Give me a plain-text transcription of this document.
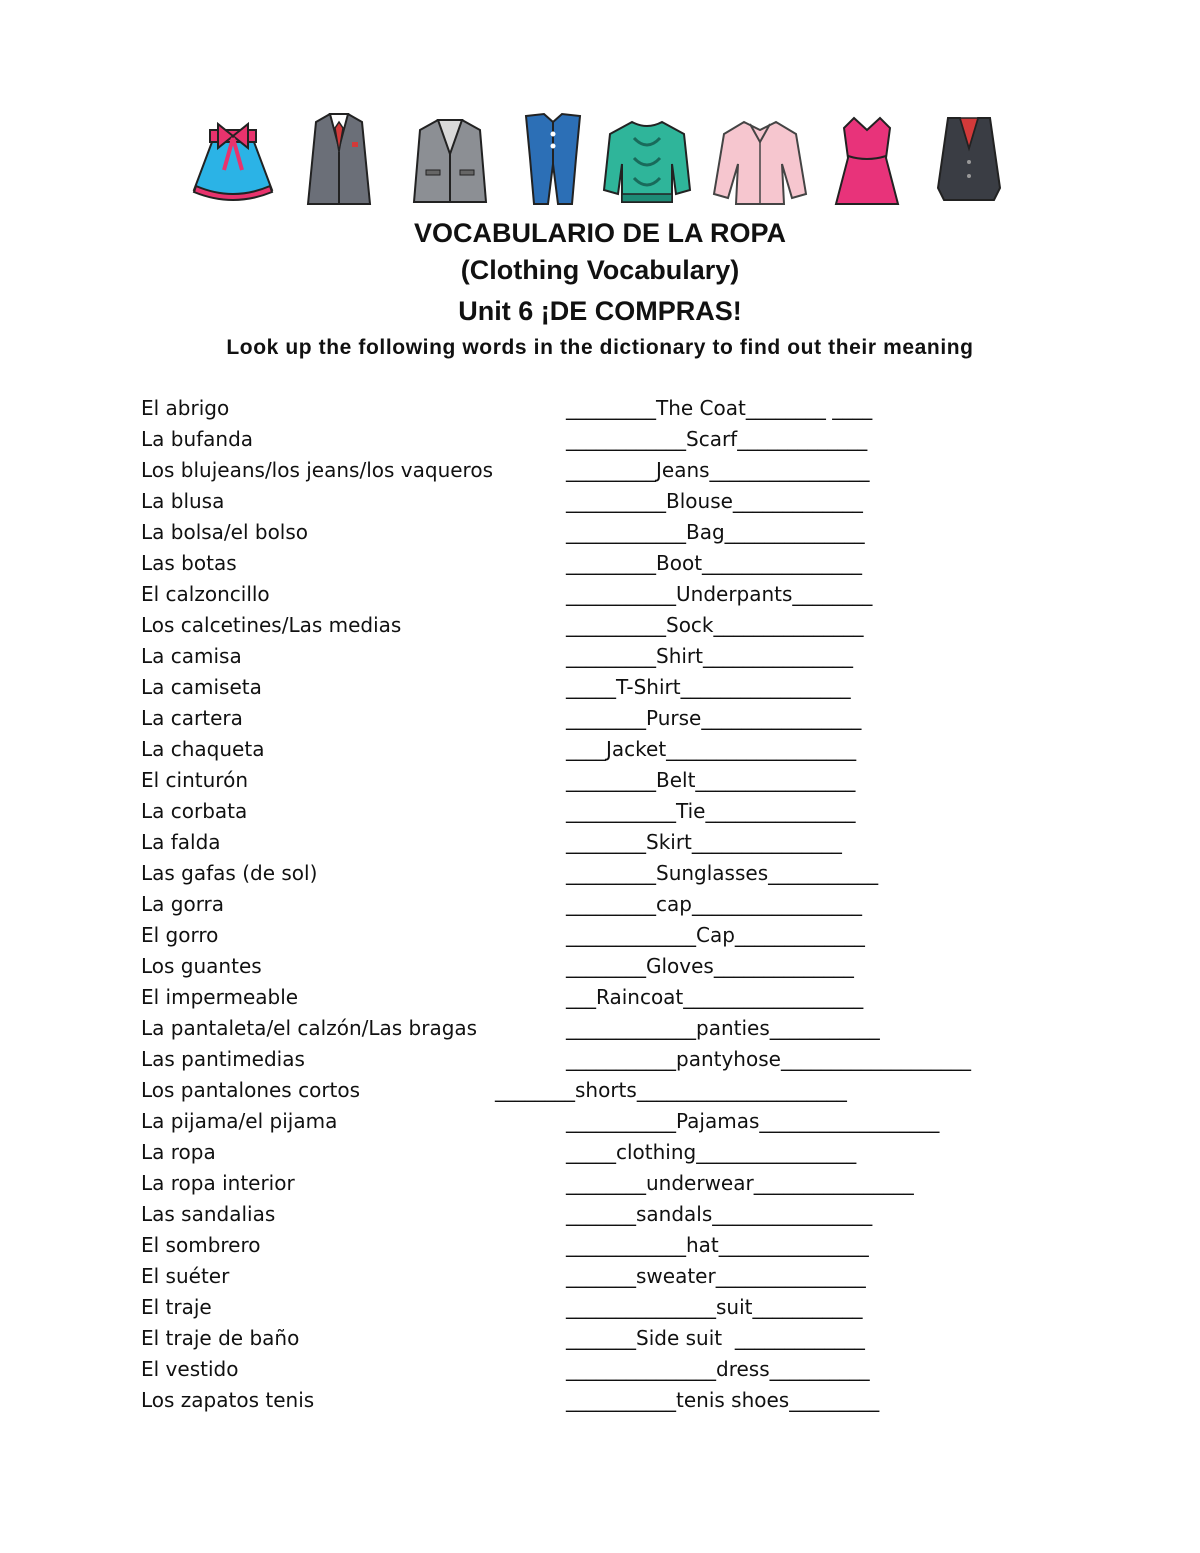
VOCABULARIO DE LA ROPA
(Clothing Vocabulary)
Unit 6 ¡DE COMPRAS!
Look up the following words in the dictionary to find out their meaning
El abrigo	_________The Coat________ ____
La bufanda	____________Scarf_____________
Los blujeans/los jeans/los vaqueros	_________Jeans________________
La blusa	__________Blouse_____________
La bolsa/el bolso	____________Bag______________
Las botas	_________Boot________________
El calzoncillo	___________Underpants________
Los calcetines/Las medias	__________Sock_______________
La camisa	_________Shirt_______________
La camiseta	_____T-Shirt_________________
La cartera	________Purse________________
La chaqueta	____Jacket___________________
El cinturón	_________Belt________________
La corbata	___________Tie_______________
La falda	________Skirt_______________
Las gafas (de sol)	_________Sunglasses___________
La gorra	_________cap_________________
El gorro	_____________Cap_____________
Los guantes	________Gloves______________
El impermeable	___Raincoat__________________
La pantaleta/el calzón/Las bragas	_____________panties___________
Las pantimedias	___________pantyhose___________________
Los pantalones cortos	________shorts_____________________
La pijama/el pijama	___________Pajamas__________________
La ropa	_____clothing________________
La ropa interior	________underwear________________
Las sandalias	_______sandals________________
El sombrero	____________hat_______________
El suéter	_______sweater_______________
El traje	_______________suit___________
El traje de baño	_______Side suit  _____________
El vestido	_______________dress__________
Los zapatos tenis	___________tenis shoes_________
